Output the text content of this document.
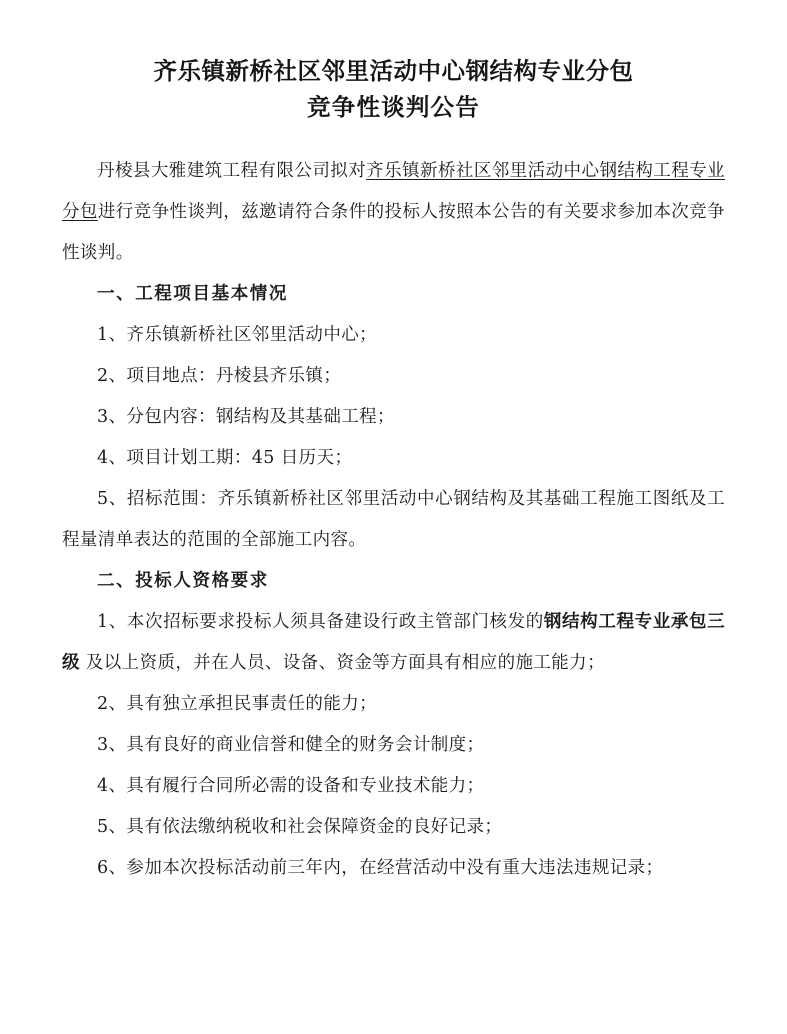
齐乐镇新桥社区邻里活动中心钢结构专业分包
竞争性谈判公告

丹棱县大雅建筑工程有限公司拟对齐乐镇新桥社区邻里活动中心钢结构工程专业分包进行竞争性谈判，兹邀请符合条件的投标人按照本公告的有关要求参加本次竞争性谈判。

一、工程项目基本情况

1、齐乐镇新桥社区邻里活动中心；

2、项目地点：丹棱县齐乐镇；

3、分包内容：钢结构及其基础工程；

4、项目计划工期：45 日历天；

5、招标范围：齐乐镇新桥社区邻里活动中心钢结构及其基础工程施工图纸及工程量清单表达的范围的全部施工内容。

二、投标人资格要求

1、本次招标要求投标人须具备建设行政主管部门核发的钢结构工程专业承包三级 及以上资质，并在人员、设备、资金等方面具有相应的施工能力；

2、具有独立承担民事责任的能力；

3、具有良好的商业信誉和健全的财务会计制度；

4、具有履行合同所必需的设备和专业技术能力；

5、具有依法缴纳税收和社会保障资金的良好记录；

6、参加本次投标活动前三年内，在经营活动中没有重大违法违规记录；
